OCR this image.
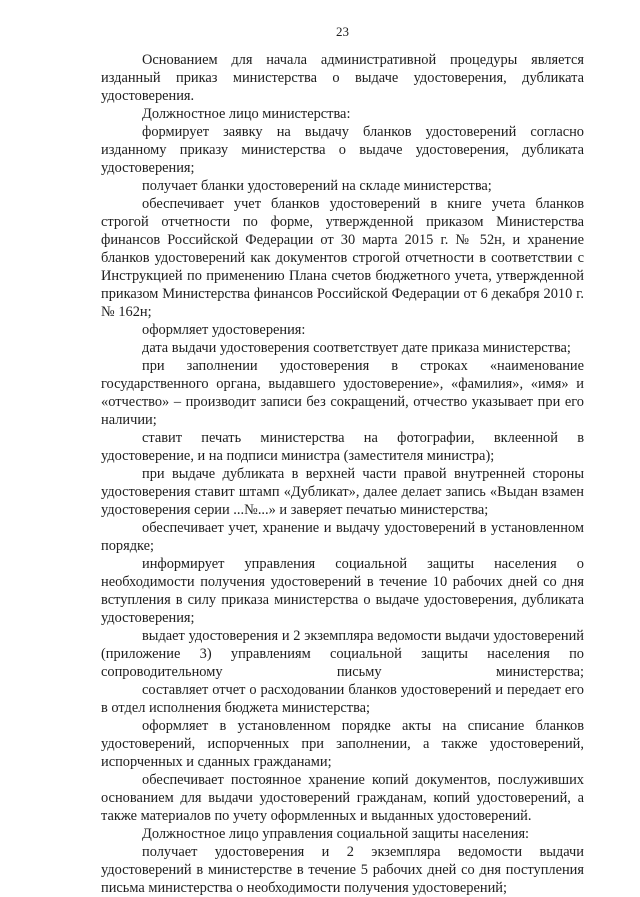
23

Основанием для начала административной процедуры является изданный приказ министерства о выдаче удостоверения, дубликата удостоверения.

Должностное лицо министерства:

формирует заявку на выдачу бланков удостоверений согласно изданному приказу министерства о выдаче удостоверения, дубликата удостоверения;

получает бланки удостоверений на складе министерства;

обеспечивает учет бланков удостоверений в книге учета бланков строгой отчетности по форме, утвержденной приказом Министерства финансов Российской Федерации от 30 марта 2015 г. № 52н, и хранение бланков удостоверений как документов строгой отчетности в соответствии с Инструкцией по применению Плана счетов бюджетного учета, утвержденной приказом Министерства финансов Российской Федерации от 6 декабря 2010 г. № 162н;

оформляет удостоверения:

дата выдачи удостоверения соответствует дате приказа министерства;

при заполнении удостоверения в строках «наименование государственного органа, выдавшего удостоверение», «фамилия», «имя» и «отчество» – производит записи без сокращений, отчество указывает при его наличии;

ставит печать министерства на фотографии, вклеенной в удостоверение, и на подписи министра (заместителя министра);

при выдаче дубликата в верхней части правой внутренней стороны удостоверения ставит штамп «Дубликат», далее делает запись «Выдан взамен удостоверения серии ...№...» и заверяет печатью министерства;

обеспечивает учет, хранение и выдачу удостоверений в установленном порядке;

информирует управления социальной защиты населения о необходимости получения удостоверений в течение 10 рабочих дней со дня вступления в силу приказа министерства о выдаче удостоверения, дубликата удостоверения;

выдает удостоверения и 2 экземпляра ведомости выдачи удостоверений (приложение 3) управлениям социальной защиты населения по сопроводительному письму министерства;

составляет отчет о расходовании бланков удостоверений и передает его в отдел исполнения бюджета министерства;

оформляет в установленном порядке акты на списание бланков удостоверений, испорченных при заполнении, а также удостоверений, испорченных и сданных гражданами;

обеспечивает постоянное хранение копий документов, послуживших основанием для выдачи удостоверений гражданам, копий удостоверений, а также материалов по учету оформленных и выданных удостоверений.

Должностное лицо управления социальной защиты населения:

получает удостоверения и 2 экземпляра ведомости выдачи удостоверений в министерстве в течение 5 рабочих дней со дня поступления письма министерства о необходимости получения удостоверений;
